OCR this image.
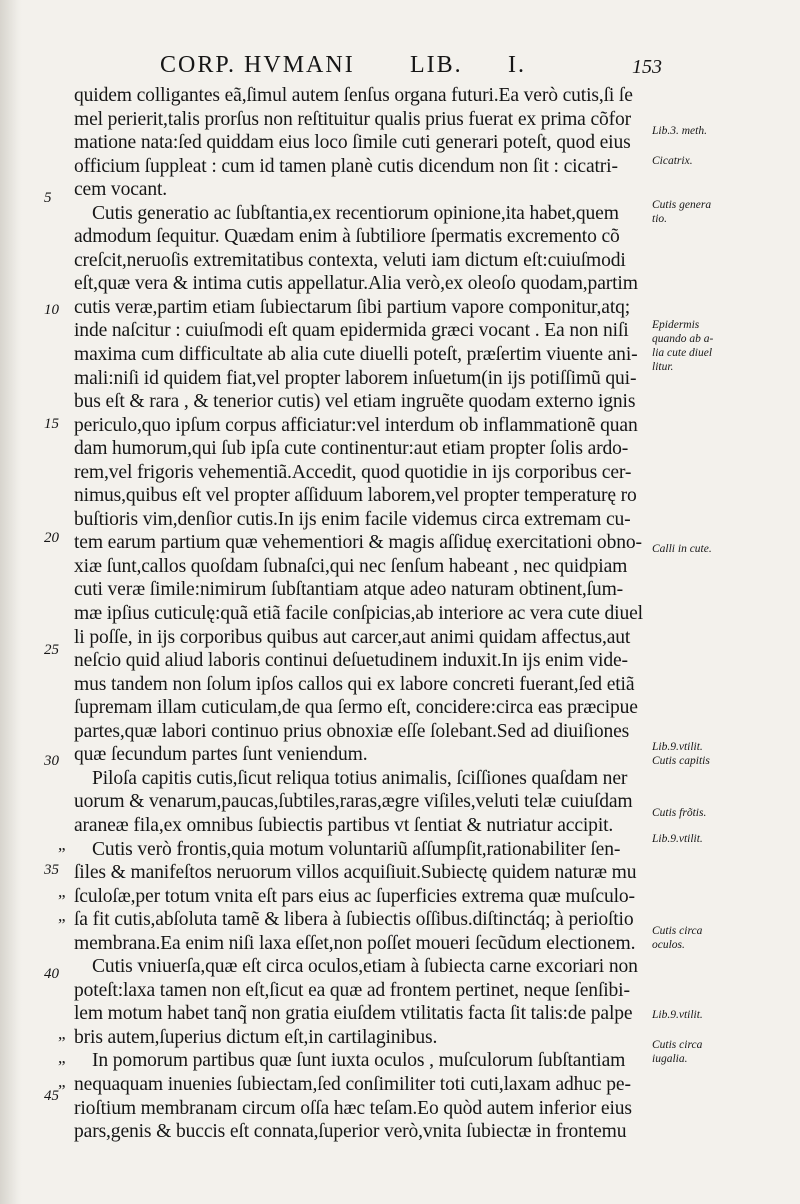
CORP. HVMANI LIB. I.	153
quidem colligantes eã,ſimul autem ſenſus organa futuri.Ea verò cutis,ſi ſe
mel perierit,talis prorſus non reſtituitur qualis prius fuerat ex prima cõfor
matione nata:ſed quiddam eius loco ſimile cuti generari poteſt, quod eius
officium ſuppleat : cum id tamen planè cutis dicendum non ſit : cicatri-
cem vocant.
Cutis generatio ac ſubſtantia,ex recentiorum opinione,ita habet,quem
admodum ſequitur. Quædam enim à ſubtiliore ſpermatis excremento cõ
creſcit,neruoſis extremitatibus contexta, veluti iam dictum eſt:cuiuſmodi
eſt,quæ vera & intima cutis appellatur.Alia verò,ex oleoſo quodam,partim
cutis veræ,partim etiam ſubiectarum ſibi partium vapore componitur,atq;
inde naſcitur : cuiuſmodi eſt quam epidermida græci vocant . Ea non niſi
maxima cum difficultate ab alia cute diuelli poteſt, præſertim viuente ani-
mali:niſi id quidem fiat,vel propter laborem inſuetum(in ijs potiſſimũ qui-
bus eſt & rara , & tenerior cutis) vel etiam ingruẽte quodam externo ignis
periculo,quo ipſum corpus afficiatur:vel interdum ob inflammationẽ quan
dam humorum,qui ſub ipſa cute continentur:aut etiam propter ſolis ardo-
rem,vel frigoris vehementiã.Accedit, quod quotidie in ijs corporibus cer-
nimus,quibus eſt vel propter aſſiduum laborem,vel propter temperaturę ro
buſtioris vim,denſior cutis.In ijs enim facile videmus circa extremam cu-
tem earum partium quæ vehementiori & magis aſſiduę exercitationi obno-
xiæ ſunt,callos quoſdam ſubnaſci,qui nec ſenſum habeant , nec quidpiam
cuti veræ ſimile:nimirum ſubſtantiam atque adeo naturam obtinent,ſum-
mæ ipſius cuticulę:quã etiã facile conſpicias,ab interiore ac vera cute diuel
li poſſe, in ijs corporibus quibus aut carcer,aut animi quidam affectus,aut
neſcio quid aliud laboris continui deſuetudinem induxit.In ijs enim vide-
mus tandem non ſolum ipſos callos qui ex labore concreti fuerant,ſed etiã
ſupremam illam cuticulam,de qua ſermo eſt, concidere:circa eas præcipue
partes,quæ labori continuo prius obnoxiæ eſſe ſolebant.Sed ad diuiſiones
quæ ſecundum partes ſunt veniendum.
Piloſa capitis cutis,ſicut reliqua totius animalis, ſciſſiones quaſdam ner
uorum & venarum,paucas,ſubtiles,raras,ægre viſiles,veluti telæ cuiuſdam
araneæ fila,ex omnibus ſubiectis partibus vt ſentiat & nutriatur accipit.
Cutis verò frontis,quia motum voluntariũ aſſumpſit,rationabiliter ſen-
ſiles & manifeſtos neruorum villos acquiſiuit.Subiectę quidem naturæ mu
ſculoſæ,per totum vnita eſt pars eius ac ſuperficies extrema quæ muſculo-
ſa fit cutis,abſoluta tamẽ & libera à ſubiectis oſſibus.diſtinctáq; à perioſtio
membrana.Ea enim niſi laxa eſſet,non poſſet moueri ſecũdum electionem.
Cutis vniuerſa,quæ eſt circa oculos,etiam à ſubiecta carne excoriari non
poteſt:laxa tamen non eſt,ſicut ea quæ ad frontem pertinet, neque ſenſibi-
lem motum habet tanq̃ non gratia eiuſdem vtilitatis facta ſit talis:de palpe
bris autem,ſuperius dictum eſt,in cartilaginibus.
In pomorum partibus quæ ſunt iuxta oculos , muſculorum ſubſtantiam
nequaquam inuenies ſubiectam,ſed conſimiliter toti cuti,laxam adhuc pe-
rioſtium membranam circum oſſa hæc teſam.Eo quòd autem inferior eius
pars,genis & buccis eſt connata,ſuperior verò,vnita ſubiectæ in frontemu
5
10
15
20
25
30
35
40
45
„
„
„
„
„
„
Lib.3. meth.
Cicatrix.
Cutis genera
tio.
Epidermis
quando ab a-
lia cute diuel
litur.
Calli in cute.
Lib.9.vtilit.
Cutis capitis
Cutis frõtis.
Lib.9.vtilit.
Cutis circa
oculos.
Lib.9.vtilit.
Cutis circa
iugalia.
